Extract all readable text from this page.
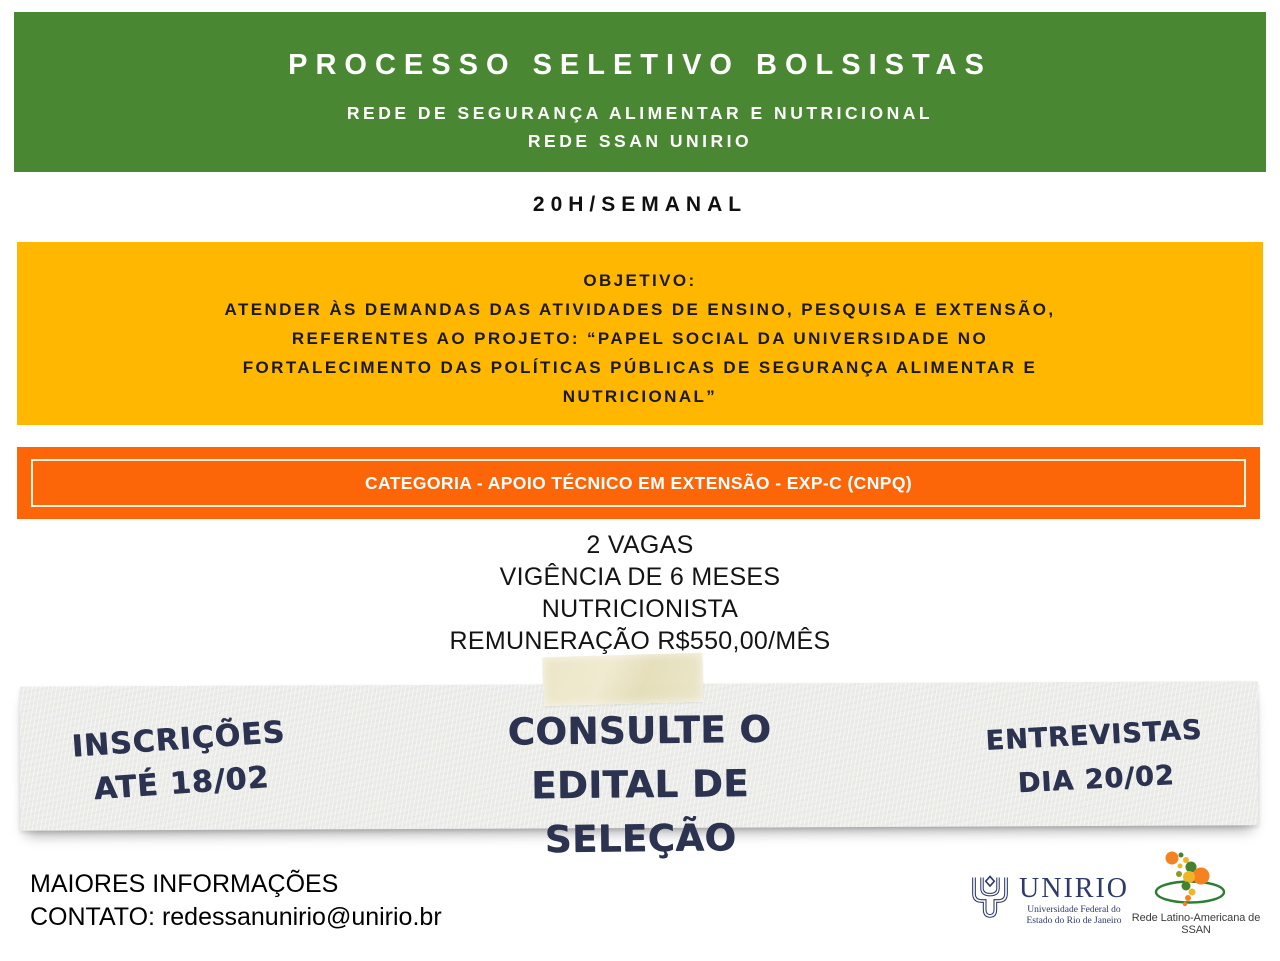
PROCESSO SELETIVO BOLSISTAS
REDE DE SEGURANÇA ALIMENTAR E NUTRICIONAL
REDE SSAN UNIRIO
20H/SEMANAL
OBJETIVO:
ATENDER ÀS DEMANDAS DAS ATIVIDADES DE ENSINO, PESQUISA E EXTENSÃO,
REFERENTES AO PROJETO: “PAPEL SOCIAL DA UNIVERSIDADE NO
FORTALECIMENTO DAS POLÍTICAS PÚBLICAS DE SEGURANÇA ALIMENTAR E
NUTRICIONAL”
CATEGORIA - APOIO TÉCNICO EM EXTENSÃO - EXP-C (CNPQ)
2 VAGAS
VIGÊNCIA DE 6 MESES
NUTRICIONISTA
REMUNERAÇÃO R$550,00/MÊS
INSCRIÇÕES
ATÉ 18/02
CONSULTE O
EDITAL DE SELEÇÃO
ENTREVISTAS
DIA 20/02
MAIORES INFORMAÇÕES
CONTATO: redessanunirio@unirio.br
UNIRIO
Universidade Federal do
Estado do Rio de Janeiro Rede Latino-Americana de SSAN
